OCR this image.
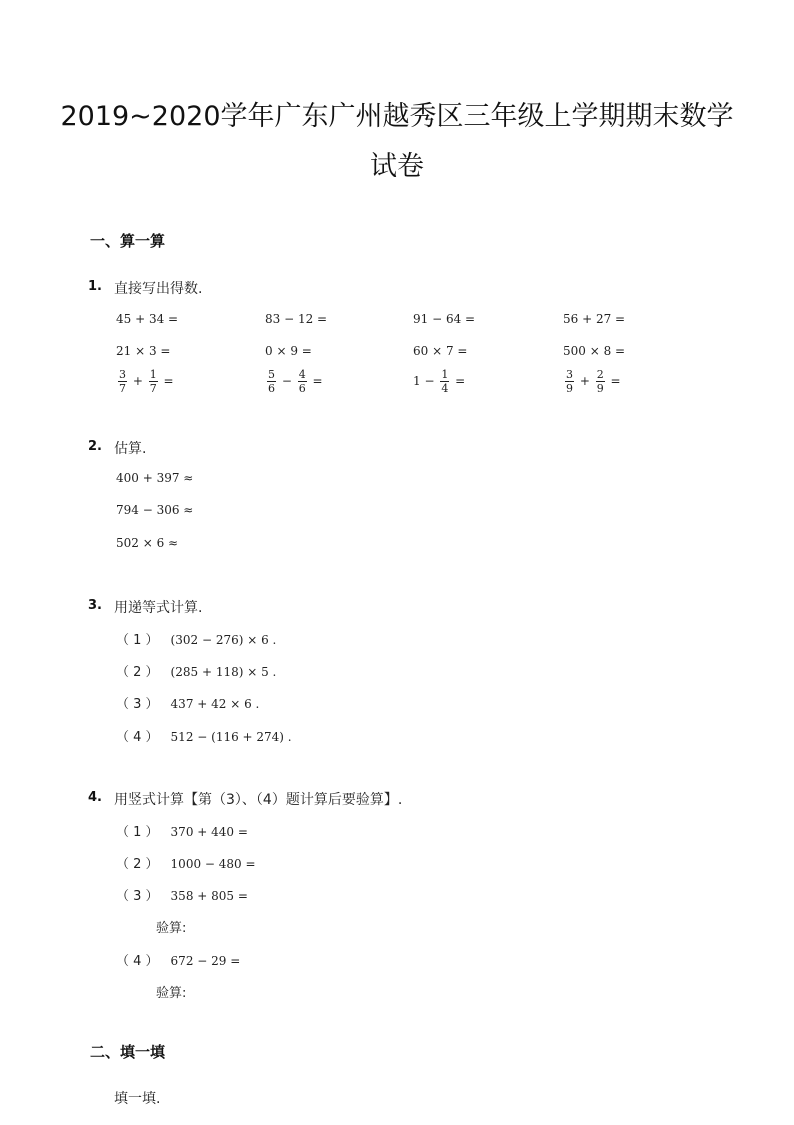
2019~2020学年广东广州越秀区三年级上学期期末数学
试卷
一、算一算
1. 直接写出得数.
45 + 34 =	83 − 12 =	91 − 64 =	56 + 27 =
21 × 3 =	0 × 9 =	60 × 7 =	500 × 8 =
$\frac{3}{7} + \frac{1}{7}$ =	$\frac{5}{6} - \frac{4}{6}$ =	$1 - \frac{1}{4}$ =	$\frac{3}{9} + \frac{2}{9}$ =
2. 估算.
400 + 397 ≈
794 − 306 ≈
502 × 6 ≈
3. 用递等式计算.
（ 1 ） (302 − 276) × 6 .
（ 2 ） (285 + 118) × 5 .
（ 3 ） 437 + 42 × 6 .
（ 4 ） 512 − (116 + 274) .
4. 用竖式计算【第（3）、（4）题计算后要验算】.
（ 1 ） 370 + 440 =
（ 2 ） 1000 − 480 =
（ 3 ） 358 + 805 =
验算:
（ 4 ） 672 − 29 =
验算:
二、填一填
填一填.
